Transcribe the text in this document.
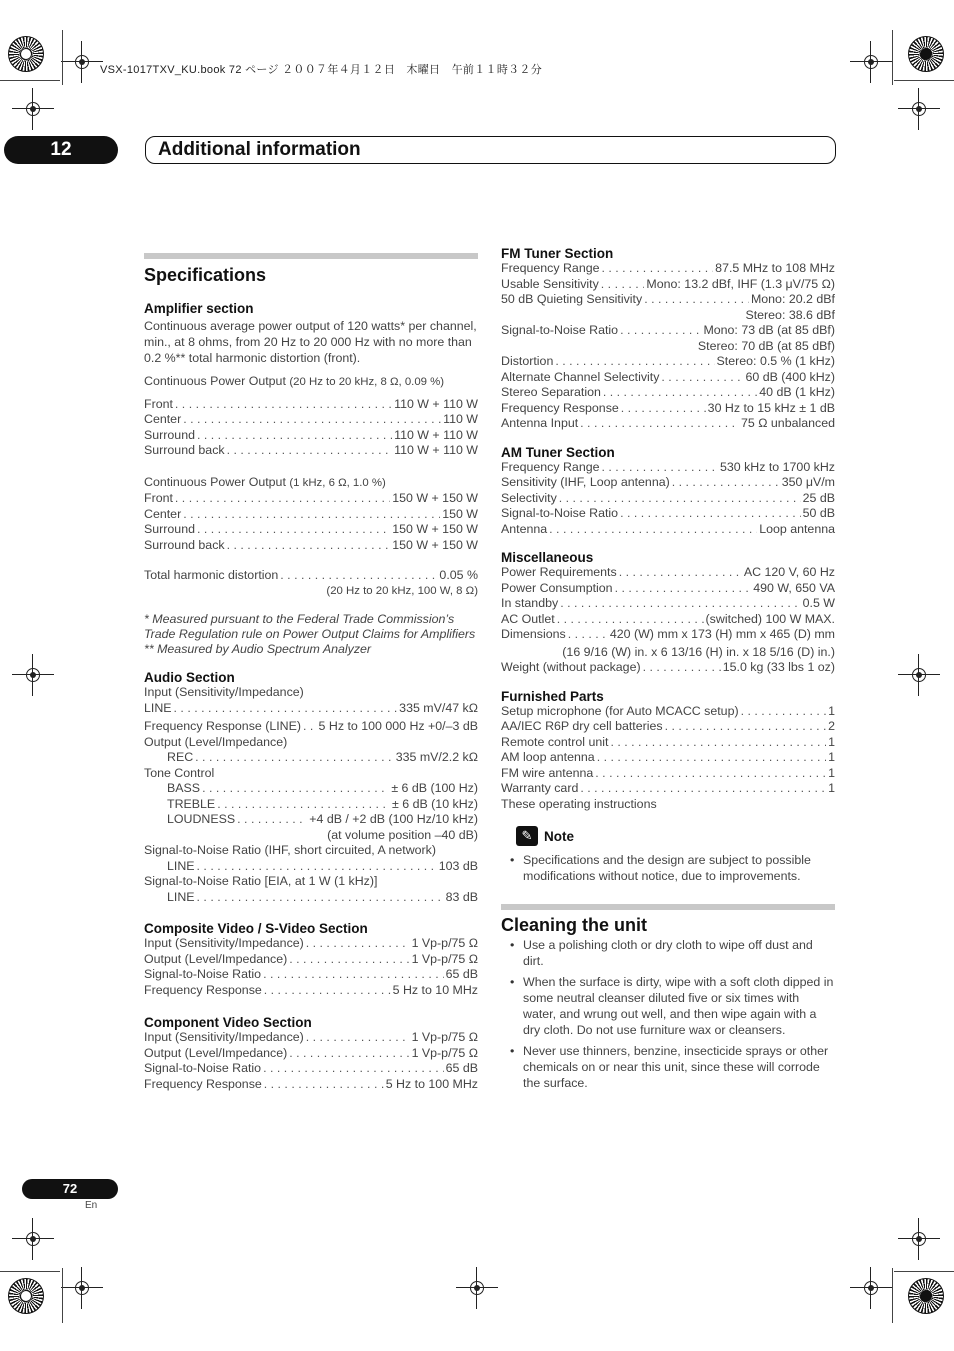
VSX-1017TXV_KU.book 72 ページ ２００７年４月１２日　木曜日　午前１１時３２分
12	Additional information
Specifications
Amplifier section
Continuous average power output of 120 watts* per channel, min., at 8 ohms, from 20 Hz to 20 000 Hz with no more than 0.2 %** total harmonic distortion (front).
Continuous Power Output (20 Hz to 20 kHz, 8 Ω, 0.09 %)
Front . . .	110 W + 110 W
Center . . .	110 W
Surround . . .	110 W + 110 W
Surround back . . .	110 W + 110 W
Continuous Power Output (1 kHz, 6 Ω, 1.0 %)
Front . . .	150 W + 150 W
Center . . .	150 W
Surround . . .	150 W + 150 W
Surround back . . .	150 W + 150 W
Total harmonic distortion . . .	0.05 %
(20 Hz to 20 kHz, 100 W, 8 Ω)
* Measured pursuant to the Federal Trade Commission’s Trade Regulation rule on Power Output Claims for Amplifiers
** Measured by Audio Spectrum Analyzer
Audio Section
Input (Sensitivity/Impedance)
LINE . . .	335 mV/47 kΩ
Frequency Response (LINE) . . . 5 Hz to 100 000 Hz +0/–3 dB
Output (Level/Impedance)
REC . . .	335 mV/2.2 kΩ
Tone Control
BASS . . .	± 6 dB (100 Hz)
TREBLE . . .	± 6 dB (10 kHz)
LOUDNESS . . .	+4 dB / +2 dB (100 Hz/10 kHz)
(at volume position –40 dB)
Signal-to-Noise Ratio (IHF, short circuited, A network)
LINE . . .	103 dB
Signal-to-Noise Ratio [EIA, at 1 W (1 kHz)]
LINE . . .	83 dB
Composite Video / S-Video Section
Input (Sensitivity/Impedance) . . .	1 Vp-p/75 Ω
Output (Level/Impedance) . . .	1 Vp-p/75 Ω
Signal-to-Noise Ratio . . .	65 dB
Frequency Response . . .	5 Hz to 10 MHz
Component Video Section
Input (Sensitivity/Impedance) . . .	1 Vp-p/75 Ω
Output (Level/Impedance) . . .	1 Vp-p/75 Ω
Signal-to-Noise Ratio . . .	65 dB
Frequency Response . . .	5 Hz to 100 MHz
FM Tuner Section
Frequency Range . . .	87.5 MHz to 108 MHz
Usable Sensitivity . . .	Mono: 13.2 dBf, IHF (1.3 μV/75 Ω)
50 dB Quieting Sensitivity . . .	Mono: 20.2 dBf
Stereo: 38.6 dBf
Signal-to-Noise Ratio . . .	Mono: 73 dB (at 85 dBf)
Stereo: 70 dB (at 85 dBf)
Distortion . . .	Stereo: 0.5 % (1 kHz)
Alternate Channel Selectivity . . .	60 dB (400 kHz)
Stereo Separation . . .	40 dB (1 kHz)
Frequency Response . . .	30 Hz to 15 kHz ± 1 dB
Antenna Input . . .	75 Ω unbalanced
AM Tuner Section
Frequency Range . . .	530 kHz to 1700 kHz
Sensitivity (IHF, Loop antenna) . . .	350 μV/m
Selectivity . . .	25 dB
Signal-to-Noise Ratio . . .	50 dB
Antenna . . .	Loop antenna
Miscellaneous
Power Requirements . . .	AC 120 V, 60 Hz
Power Consumption . . .	490 W, 650 VA
In standby . . .	0.5 W
AC Outlet . . .	(switched) 100 W MAX.
Dimensions . . .	420 (W) mm x 173 (H) mm x 465 (D) mm
(16 9/16 (W) in. x 6 13/16 (H) in. x 18 5/16 (D) in.)
Weight (without package) . . .	15.0 kg (33 lbs 1 oz)
Furnished Parts
Setup microphone (for Auto MCACC setup) . . .	1
AA/IEC R6P dry cell batteries . . .	2
Remote control unit . . .	1
AM loop antenna . . .	1
FM wire antenna . . .	1
Warranty card . . .	1
These operating instructions
✎ Note
• Specifications and the design are subject to possible modifications without notice, due to improvements.
Cleaning the unit
• Use a polishing cloth or dry cloth to wipe off dust and dirt.
• When the surface is dirty, wipe with a soft cloth dipped in some neutral cleanser diluted five or six times with water, and wrung out well, and then wipe again with a dry cloth. Do not use furniture wax or cleansers.
• Never use thinners, benzine, insecticide sprays or other chemicals on or near this unit, since these will corrode the surface.
72
En
